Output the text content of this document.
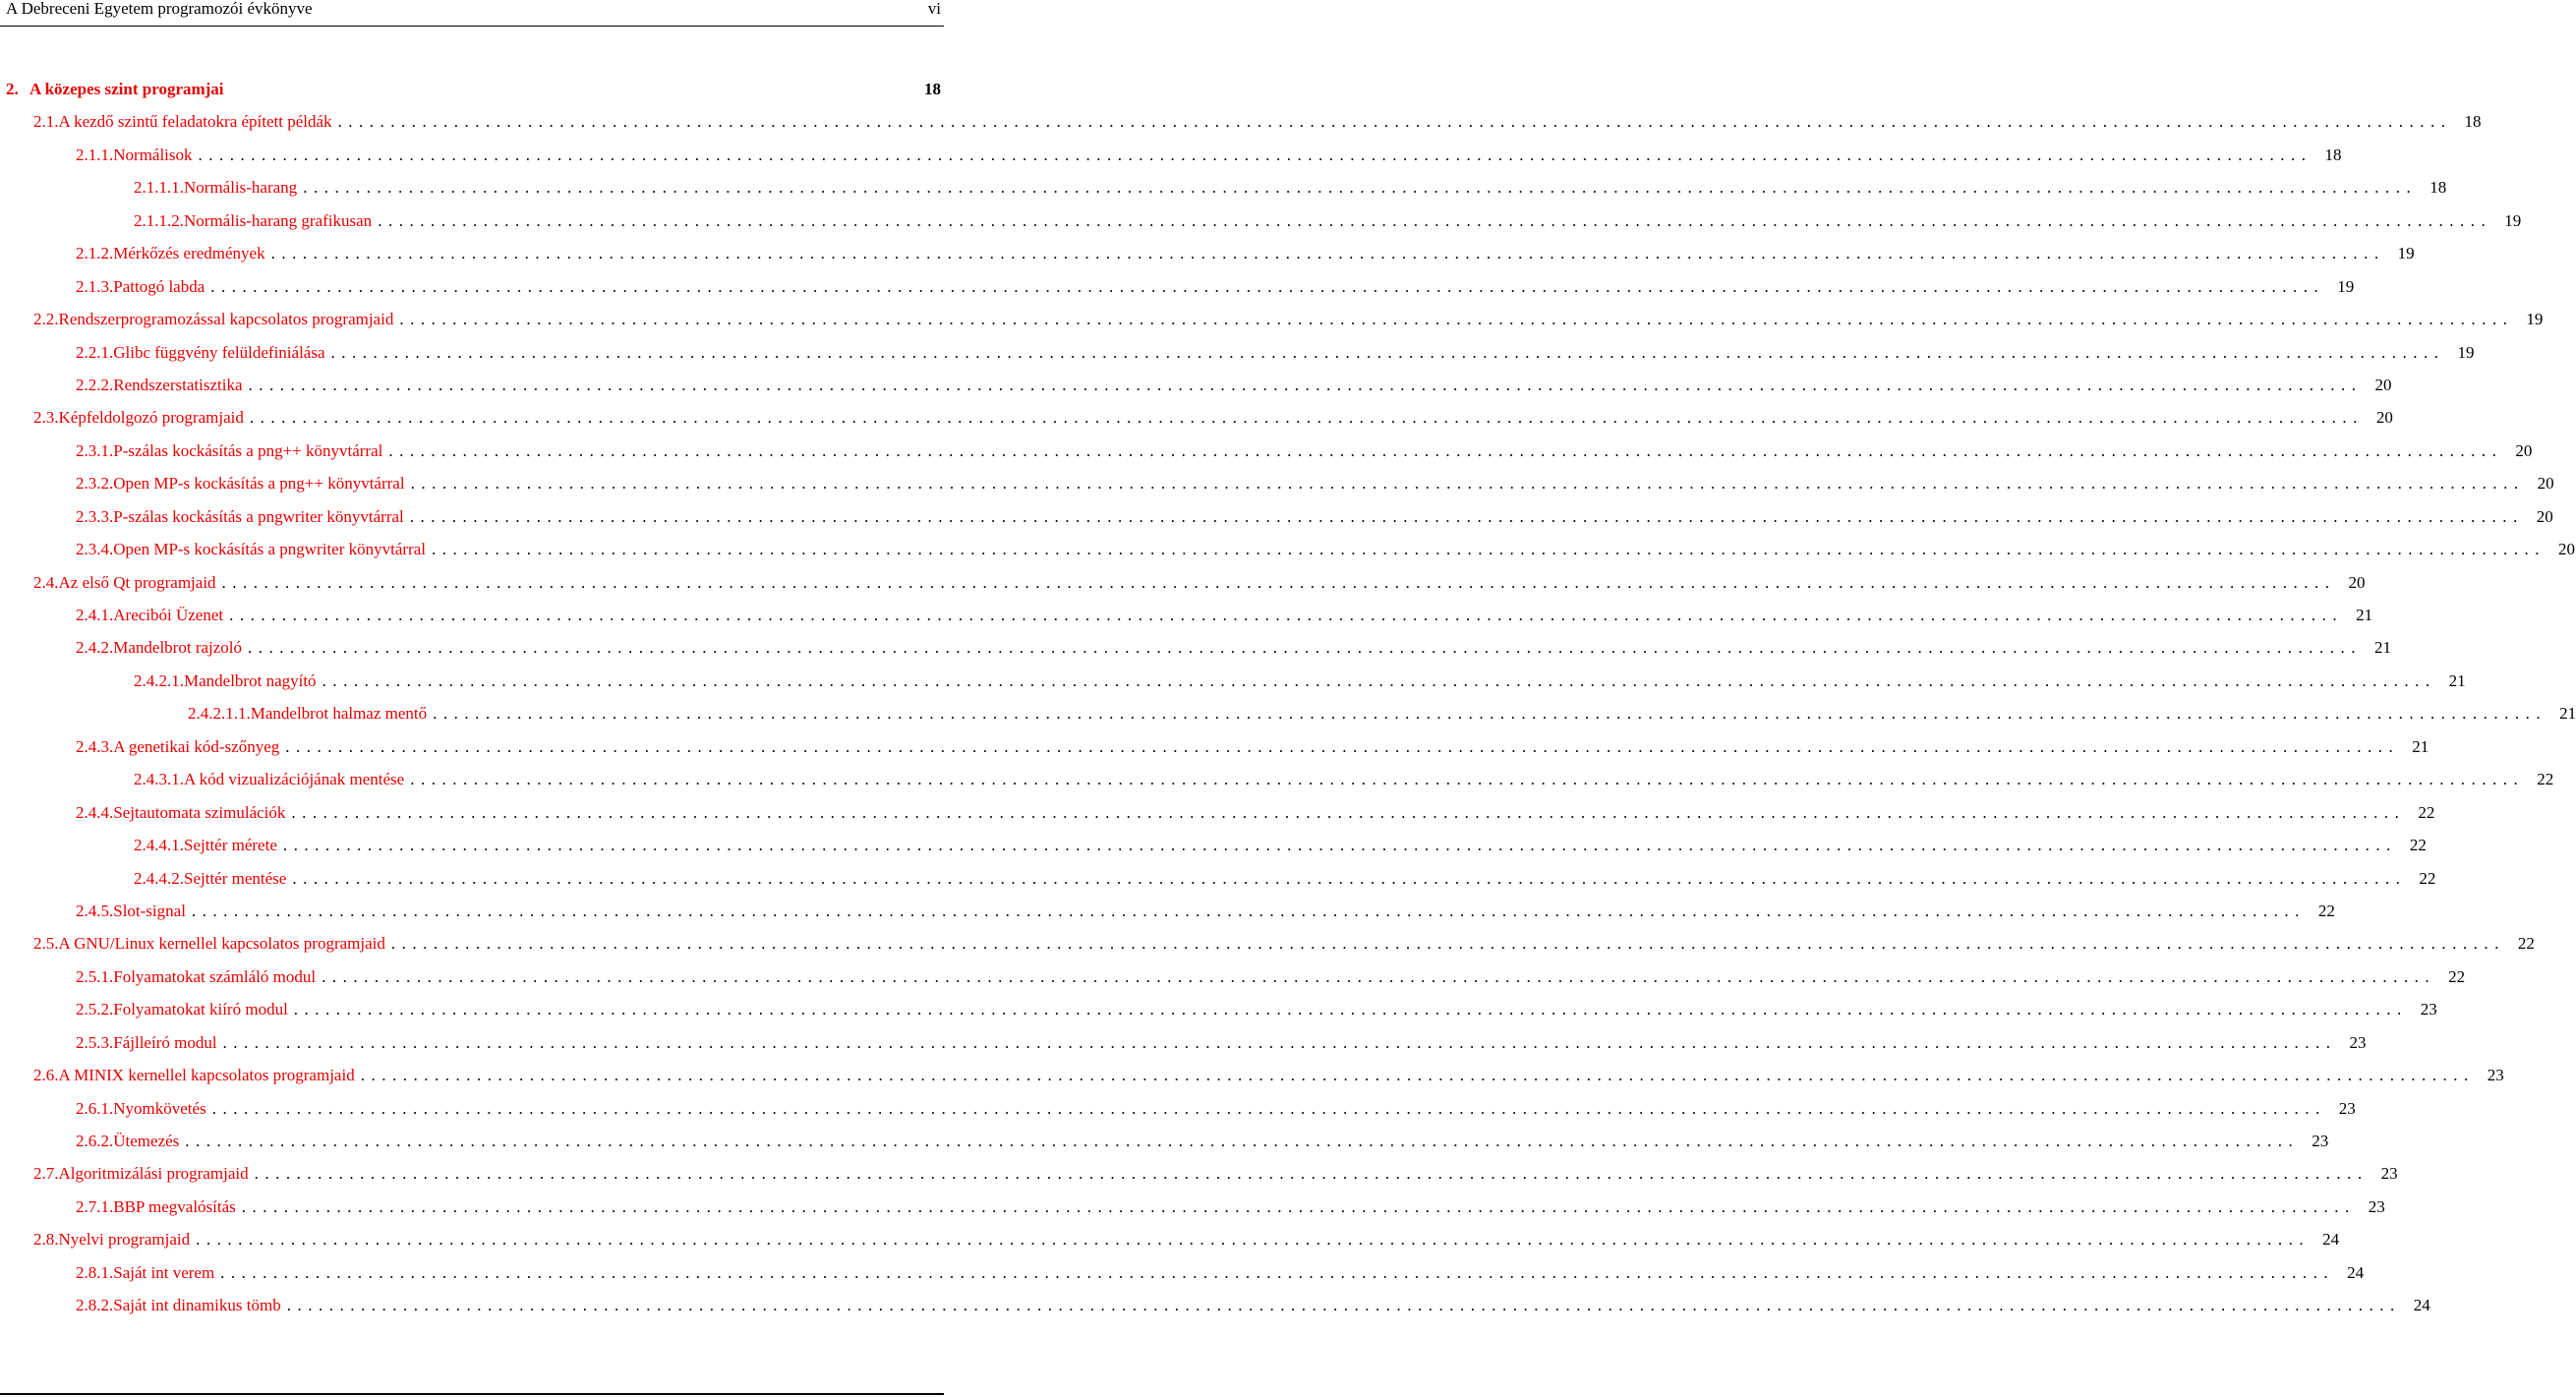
A Debreceni Egyetem programozói évkönyve	vi
2. A közepes szint programjai	18
2.1. A kezdő szintű feladatokra épített példák ........................................................................................................................................................................................................ 18
2.1.1. Normálisok ........................................................................................................................................................................................................ 18
2.1.1.1. Normális-harang ........................................................................................................................................................................................................ 18
2.1.1.2. Normális-harang grafikusan ........................................................................................................................................................................................................ 19
2.1.2. Mérkőzés eredmények ........................................................................................................................................................................................................ 19
2.1.3. Pattogó labda ........................................................................................................................................................................................................ 19
2.2. Rendszerprogramozással kapcsolatos programjaid ........................................................................................................................................................................................................ 19
2.2.1. Glibc függvény felüldefiniálása ........................................................................................................................................................................................................ 19
2.2.2. Rendszerstatisztika ........................................................................................................................................................................................................ 20
2.3. Képfeldolgozó programjaid ........................................................................................................................................................................................................ 20
2.3.1. P-szálas kockásítás a png++ könyvtárral ........................................................................................................................................................................................................ 20
2.3.2. Open MP-s kockásítás a png++ könyvtárral ........................................................................................................................................................................................................ 20
2.3.3. P-szálas kockásítás a pngwriter könyvtárral ........................................................................................................................................................................................................ 20
2.3.4. Open MP-s kockásítás a pngwriter könyvtárral ........................................................................................................................................................................................................ 20
2.4. Az első Qt programjaid ........................................................................................................................................................................................................ 20
2.4.1. Arecibói Üzenet ........................................................................................................................................................................................................ 21
2.4.2. Mandelbrot rajzoló ........................................................................................................................................................................................................ 21
2.4.2.1. Mandelbrot nagyító ........................................................................................................................................................................................................ 21
2.4.2.1.1. Mandelbrot halmaz mentő ........................................................................................................................................................................................................ 21
2.4.3. A genetikai kód-szőnyeg ........................................................................................................................................................................................................ 21
2.4.3.1. A kód vizualizációjának mentése ........................................................................................................................................................................................................ 22
2.4.4. Sejtautomata szimulációk ........................................................................................................................................................................................................ 22
2.4.4.1. Sejttér mérete ........................................................................................................................................................................................................ 22
2.4.4.2. Sejttér mentése ........................................................................................................................................................................................................ 22
2.4.5. Slot-signal ........................................................................................................................................................................................................ 22
2.5. A GNU/Linux kernellel kapcsolatos programjaid ........................................................................................................................................................................................................ 22
2.5.1. Folyamatokat számláló modul ........................................................................................................................................................................................................ 22
2.5.2. Folyamatokat kiíró modul ........................................................................................................................................................................................................ 23
2.5.3. Fájlleíró modul ........................................................................................................................................................................................................ 23
2.6. A MINIX kernellel kapcsolatos programjaid ........................................................................................................................................................................................................ 23
2.6.1. Nyomkövetés ........................................................................................................................................................................................................ 23
2.6.2. Ütemezés ........................................................................................................................................................................................................ 23
2.7. Algoritmizálási programjaid ........................................................................................................................................................................................................ 23
2.7.1. BBP megvalósítás ........................................................................................................................................................................................................ 23
2.8. Nyelvi programjaid ........................................................................................................................................................................................................ 24
2.8.1. Saját int verem ........................................................................................................................................................................................................ 24
2.8.2. Saját int dinamikus tömb ........................................................................................................................................................................................................ 24
